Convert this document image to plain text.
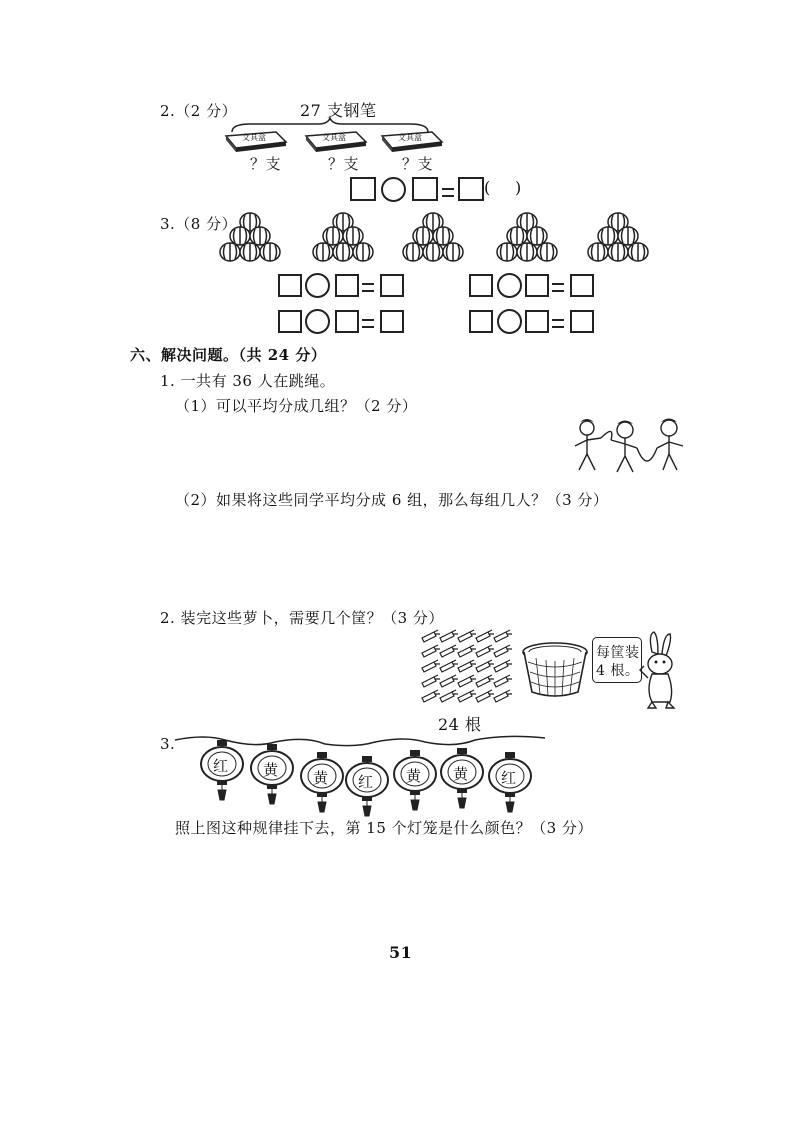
2.（2 分）	27 支钢笔
文具盒	文具盒	文具盒
？支	？支	？支
( )
3.（8 分）
六、解决问题。（共 24 分）
1. 一共有 36 人在跳绳。
（1）可以平均分成几组？（2 分）
（2）如果将这些同学平均分成 6 组，那么每组几人？（3 分）
2. 装完这些萝卜，需要几个筐？（3 分）
24 根
每筐装
4 根。
3.
红 黄 黄 红 黄 黄 红
照上图这种规律挂下去，第 15 个灯笼是什么颜色？（3 分）
51
